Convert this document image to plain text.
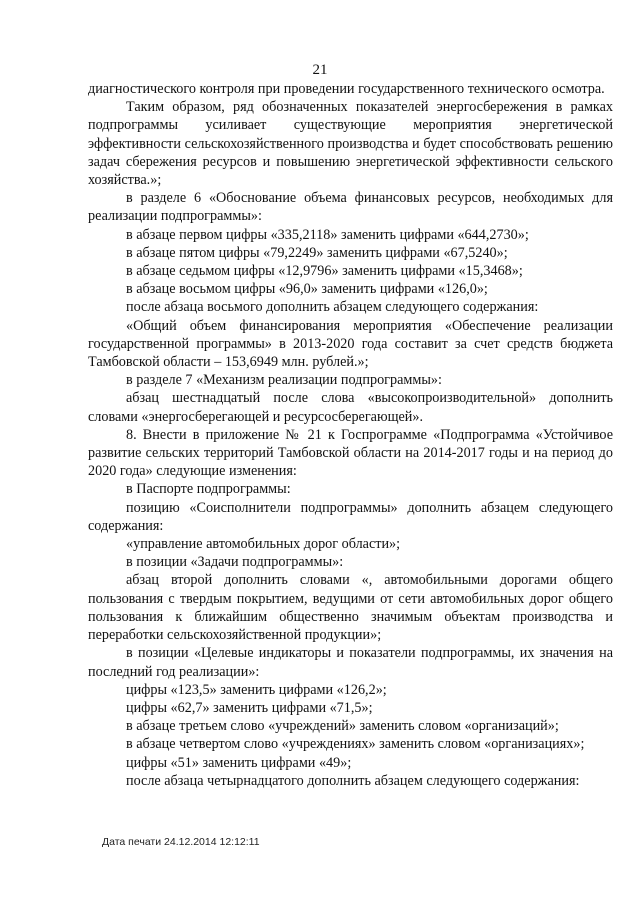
21

диагностического контроля при проведении государственного технического осмотра.

Таким образом, ряд обозначенных показателей энергосбережения в рамках подпрограммы усиливает существующие мероприятия энергетической эффективности сельскохозяйственного производства и будет способствовать решению задач сбережения ресурсов и повышению энергетической эффективности сельского хозяйства.»;

в разделе 6 «Обоснование объема финансовых ресурсов, необходимых для реализации подпрограммы»:

в абзаце первом цифры «335,2118» заменить цифрами «644,2730»;

в абзаце пятом цифры «79,2249» заменить цифрами «67,5240»;

в абзаце седьмом цифры «12,9796» заменить цифрами «15,3468»;

в абзаце восьмом цифры «96,0» заменить цифрами «126,0»;

после абзаца восьмого дополнить абзацем следующего содержания:

«Общий объем финансирования мероприятия «Обеспечение реализации государственной программы» в 2013-2020 года составит за счет средств бюджета Тамбовской области – 153,6949 млн. рублей.»;

в разделе 7 «Механизм реализации подпрограммы»:

абзац шестнадцатый после слова «высокопроизводительной» дополнить словами «энергосберегающей и ресурсосберегающей».

8. Внести в приложение № 21 к Госпрограмме «Подпрограмма «Устойчивое развитие сельских территорий Тамбовской области на 2014-2017 годы и на период до 2020 года» следующие изменения:

в Паспорте подпрограммы:

позицию «Соисполнители подпрограммы» дополнить абзацем следующего содержания:

«управление автомобильных дорог области»;

в позиции «Задачи подпрограммы»:

абзац второй дополнить словами «, автомобильными дорогами общего пользования с твердым покрытием, ведущими от сети автомобильных дорог общего пользования к ближайшим общественно значимым объектам производства и переработки сельскохозяйственной продукции»;

в позиции «Целевые индикаторы и показатели подпрограммы, их значения на последний год реализации»:

цифры «123,5» заменить цифрами «126,2»;

цифры «62,7» заменить цифрами «71,5»;

в абзаце третьем слово «учреждений» заменить словом «организаций»;

в абзаце четвертом слово «учреждениях» заменить словом «организациях»;

цифры «51» заменить цифрами «49»;

после абзаца четырнадцатого дополнить абзацем следующего содержания:

Дата печати 24.12.2014 12:12:11
